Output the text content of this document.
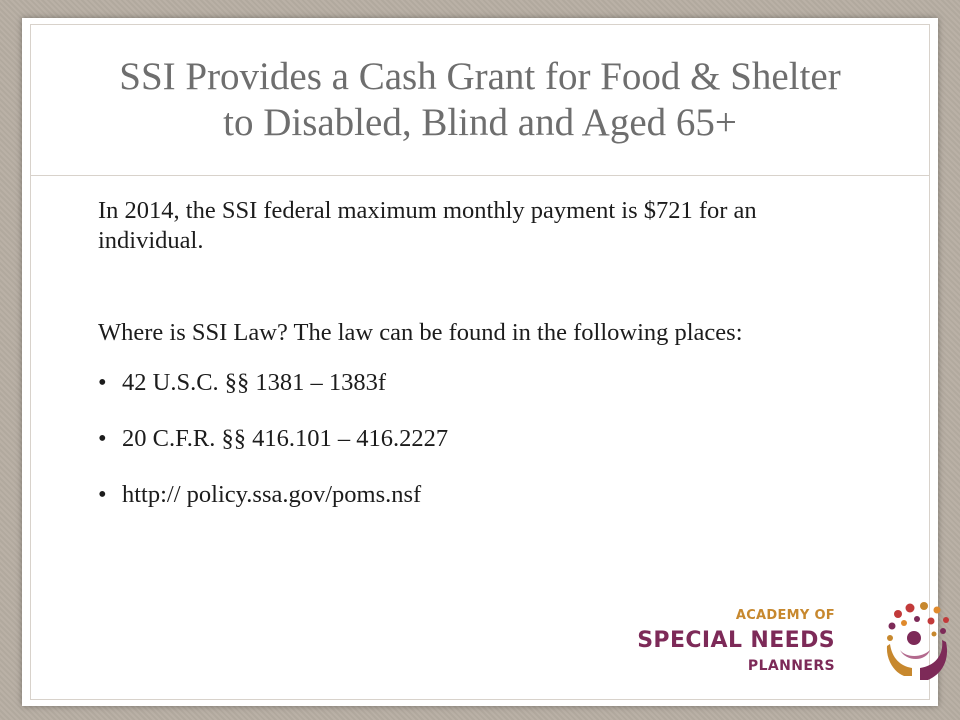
SSI Provides a Cash Grant for Food & Shelter to Disabled, Blind and Aged 65+

In 2014, the SSI federal maximum monthly payment is $721 for an individual.

Where is SSI Law? The law can be found in the following places:

• 42 U.S.C. §§ 1381 – 1383f
• 20 C.F.R. §§ 416.101 – 416.2227
• http:// policy.ssa.gov/poms.nsf
ACADEMY OF
SPECIAL NEEDS
PLANNERS
